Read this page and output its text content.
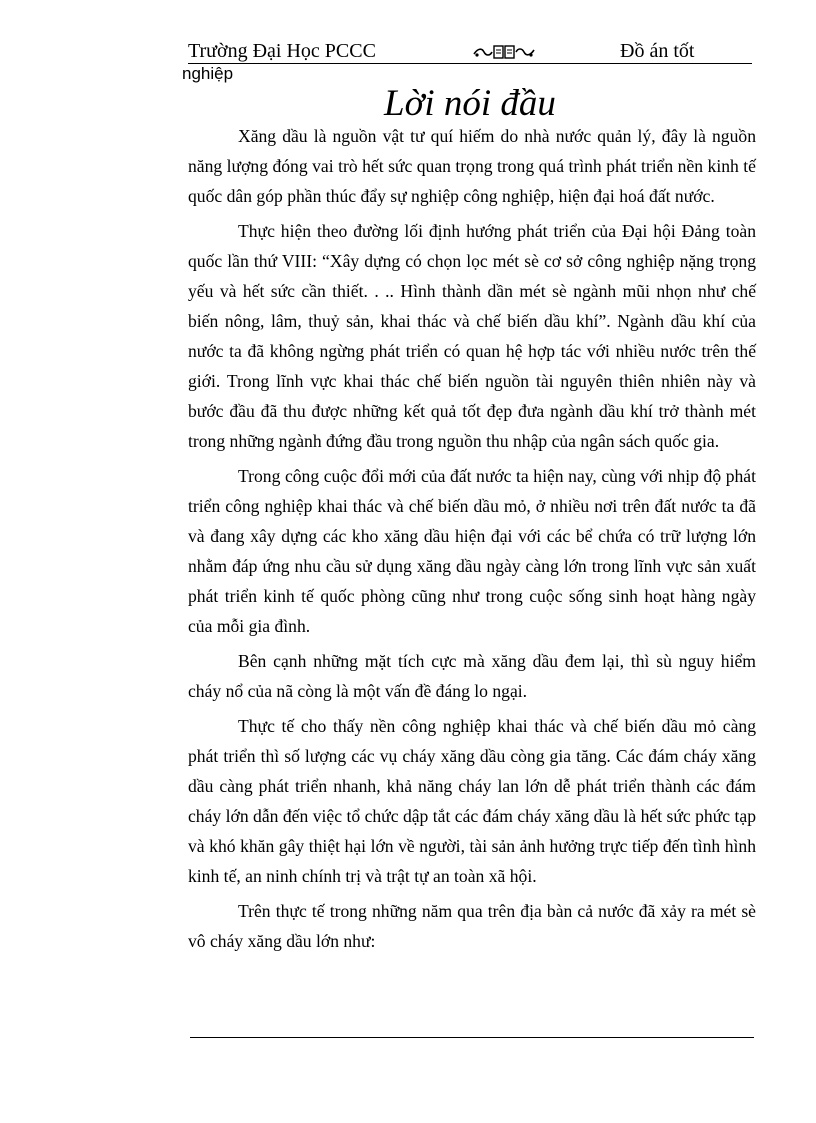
Trường Đại Học PCCC	Đồ án tốt
nghiệp
Lời nói đầu

Xăng dầu là nguồn vật tư quí hiếm do nhà nước quản lý, đây là nguồn năng lượng đóng vai trò hết sức quan trọng trong quá trình phát triển nền kinh tế quốc dân góp phần thúc đẩy sự nghiệp công nghiệp, hiện đại hoá đất nước.

Thực hiện theo đường lối định hướng phát triển của Đại hội Đảng toàn quốc lần thứ VIII: “Xây dựng có chọn lọc mét sè cơ sở công nghiệp nặng trọng yếu và hết sức cần thiết. . .. Hình thành dần mét sè ngành mũi nhọn như chế biến nông, lâm, thuỷ sản, khai thác và chế biến dầu khí”. Ngành dầu khí của nước ta đã không ngừng phát triển có quan hệ hợp tác với nhiều nước trên thế giới. Trong lĩnh vực khai thác chế biến nguồn tài nguyên thiên nhiên này và bước đầu đã thu được những kết quả tốt đẹp đưa ngành dầu khí trở thành mét trong những ngành đứng đầu trong nguồn thu nhập của ngân sách quốc gia.

Trong công cuộc đổi mới của đất nước ta hiện nay, cùng với nhịp độ phát triển công nghiệp khai thác và chế biến dầu mỏ, ở nhiều nơi trên đất nước ta đã và đang xây dựng các kho xăng dầu hiện đại với các bể chứa có trữ lượng lớn nhằm đáp ứng nhu cầu sử dụng xăng dầu ngày càng lớn trong lĩnh vực sản xuất phát triển kinh tế quốc phòng cũng như trong cuộc sống sinh hoạt hàng ngày của mỗi gia đình.

Bên cạnh những mặt tích cực mà xăng dầu đem lại, thì sù nguy hiểm cháy nổ của nã còng là một vấn đề đáng lo ngại.

Thực tế cho thấy nền công nghiệp khai thác và chế biến dầu mỏ càng phát triển thì số lượng các vụ cháy xăng dầu còng gia tăng. Các đám cháy xăng dầu càng phát triển nhanh, khả năng cháy lan lớn dễ phát triển thành các đám cháy lớn dẫn đến việc tổ chức dập tắt các đám cháy xăng dầu là hết sức phức tạp và khó khăn gây thiệt hại lớn về người, tài sản ảnh hưởng trực tiếp đến tình hình kinh tế, an ninh chính trị và trật tự an toàn xã hội.

Trên thực tế trong những năm qua trên địa bàn cả nước đã xảy ra mét sè vô cháy xăng dầu lớn như:
